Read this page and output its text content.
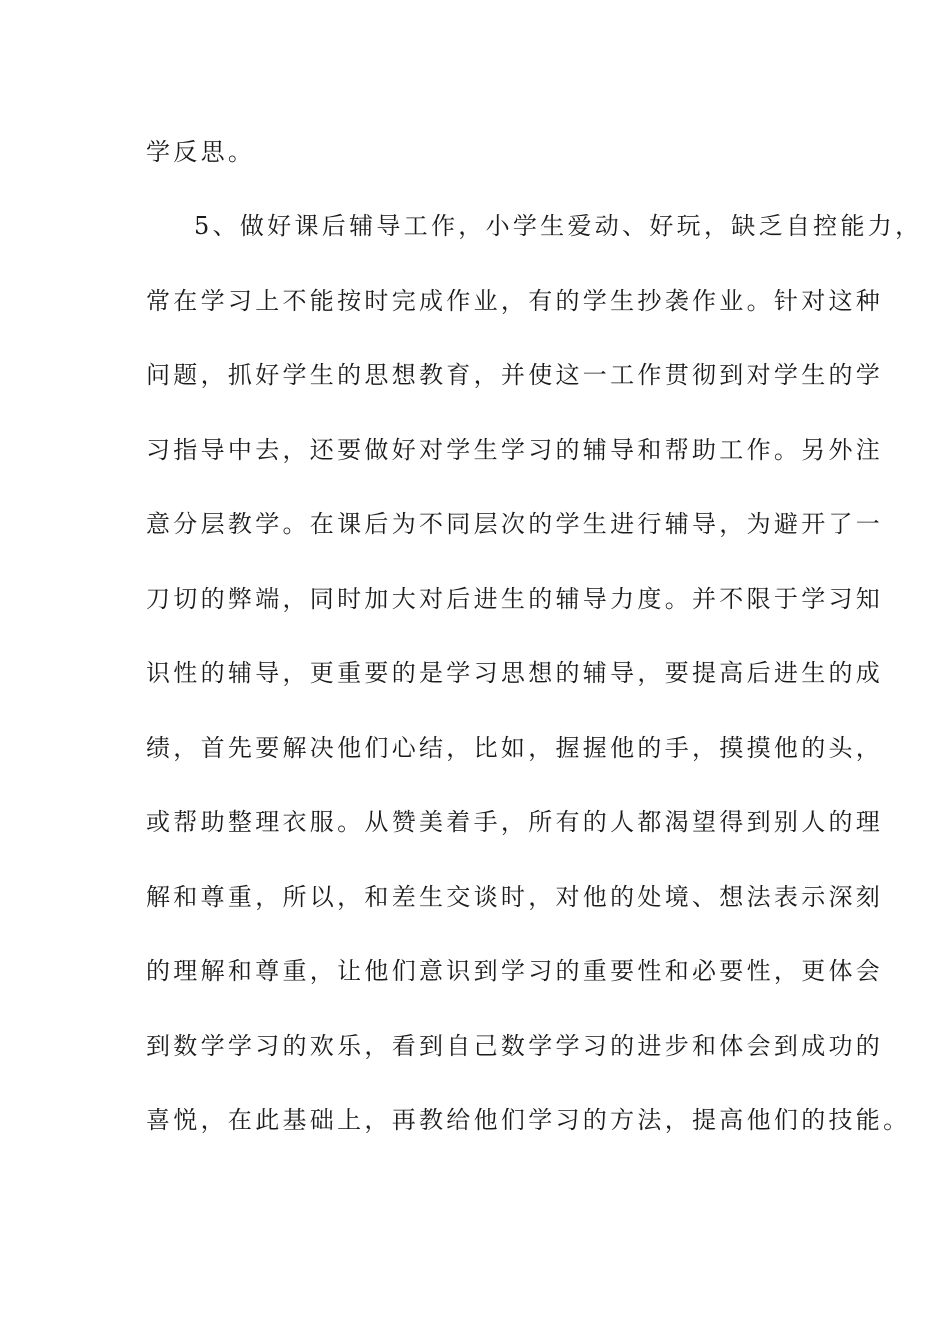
学反思。
5、做好课后辅导工作，小学生爱动、好玩，缺乏自控能力，
常在学习上不能按时完成作业，有的学生抄袭作业。针对这种
问题，抓好学生的思想教育，并使这一工作贯彻到对学生的学
习指导中去，还要做好对学生学习的辅导和帮助工作。另外注
意分层教学。在课后为不同层次的学生进行辅导，为避开了一
刀切的弊端，同时加大对后进生的辅导力度。并不限于学习知
识性的辅导，更重要的是学习思想的辅导，要提高后进生的成
绩，首先要解决他们心结，比如，握握他的手，摸摸他的头，
或帮助整理衣服。从赞美着手，所有的人都渴望得到别人的理
解和尊重，所以，和差生交谈时，对他的处境、想法表示深刻
的理解和尊重，让他们意识到学习的重要性和必要性，更体会
到数学学习的欢乐，看到自己数学学习的进步和体会到成功的
喜悦，在此基础上，再教给他们学习的方法，提高他们的技能。
